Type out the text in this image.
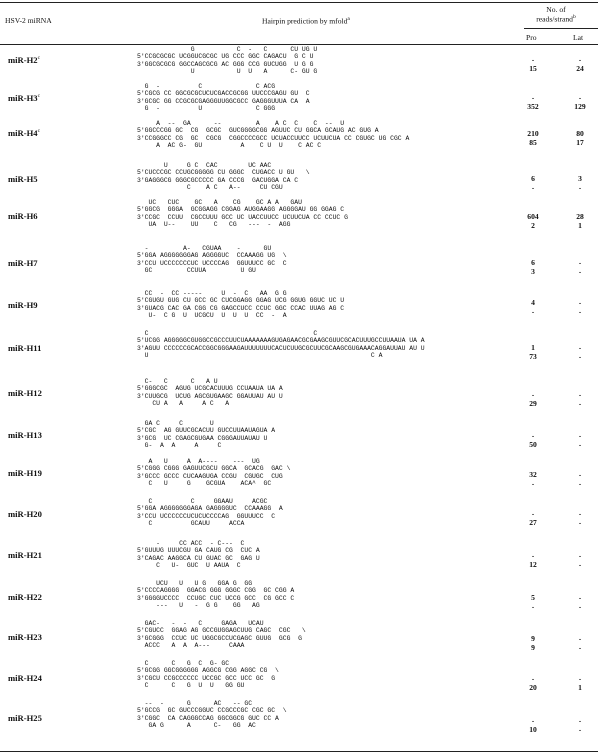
HSV-2 miRNA	Hairpin prediction by mfold$^a$
No. of
reads/strand$^b$
Pro	Lat
miR-H2$^c$
G           C  -   C      CU UG U
5'CCGCGCGC UCGGUCGCGC UG CCC GGC CAGACU  G C U
3'GGCGCGCG GGCCAGCGCG AC GGG CCG GUCUGG  U G G
U           U  U   A      C- GU G
-
15
-
24
miR-H3$^c$
G  -          C              C ACG
5'CGCG CC GGCGCGCUCUCGACCGCGG UUCCCGAGU GU  C
3'GCGC GG CCGCGCGAGGGUUGGCGCC GAGGGUUUA CA  A
G  -          U              C GGG
-
352
-
129
miR-H4$^c$
A  --  GA      --         A    A C  C    C  --  U
5'GGCCCGG GC  CG  GCGC  GUCGGGGCGG AGUUC CU GGCA GCAUG AC GUG A
3'CCGGGCC CG  GC  CGCG  CGGCCCCGCC UCUACCUUCC UCUUCUA CC CGUGC UG CGC A
A  AC G-  GU          A    C U  U    C AC C
210
85
80
17
miR-H5
U     G C  CAC        UC AAC
5'CUCCCGC CCUGCGGGGG CU GGGC  CUGACC U GU   \
3'GAGGGCG GGGCGCCCCC GA CCCG  GACUGGA CA C
C    A C   A--     CU CGU
6
-
3
-
miR-H6
UC   CUC    GC   A    CG    GC A A   GAU
5'GGCG  GGGA  GCGGAGG CGGAG AUGGAAGG AGGGGAU GG GGAG C
3'CCGC  CCUU  CGCCUUU GCC UC UACCUUCC UCUUCUA CC CCUC G
UA  U--    UU    C   CG   ---  -  AGG
604
2
28
1
miR-H7
-         A-   CGUAA    -      GU
5'GGA AGGGGGGGAG AGGGGUC  CCAAAGG UG  \
3'CCU UCCCCCCCUC UCCCCAG  GGUUUCC GC  C
GC         CCUUA         U GU
6
3
-
-
miR-H9
CC  -  CC -----     U  -  C   AA  G G
5'CGUGU GUG CU GCC GC CUCGGAGG GGAG UCG GGUG GGUC UC U
3'GUACG CAC GA CGG CG GAGCCUCC CCUC GGC CCAC UUAG AG C
U-  C G  U  UCGCU  U  U  U  CC  -  A
4
-
-
-
miR-H11
C                                           C
5'UCGG AGGGGGCGUGGCCGCCCUUCUAAAAAAAGUGAGAACGCGAAGCGUUCGCACUUUGCCUUAAUA UA A
3'AGUU CCCCCCGCACCGGCGGGAAGAUUUUUUUCACUCUUGCGCUUCGCAAGCGUGAAACAGGAUUAU AU U
U                                                          C A
1
73
-
-
miR-H12
C-   C      C   A U
5'GGGCGC  AGUG UCGCACUUUG CCUAAUA UA A
3'CUUGCG  UCUG AGCGUGAAGC GGAUUAU AU U
CU A   A     A C   A
-
29
-
-
miR-H13
GA C     C       U
5'CGC  AG GUUCGCACUU GUCCUUAAUAGUA A
3'GCG  UC CGAGCGUGAA CGGGAUUAUAU U
G-  A  A     A     C
-
50
-
-
miR-H19
A   U     A  A----    ---  UG
5'CGGG CGGG GAGUUCGCU GGCA  GCACG  GAC \
3'GCCC GCCC CUCAAGUGA CCGU  CGUGC  CUG
C   U     G    GCGUA    ACA^  GC
32
-
-
-
miR-H20
C          C     GGAAU     ACGC
5'GGA AGGGGGGGAGA GAGGGGUC  CCAAAGG  A
3'CCU UCCCCCCUCUCUCCCCAG  GGUUUCC  C
C          GCAUU     ACCA
-
27
-
-
miR-H21
-     CC ACC  - C---  C
5'GUUUG UUUCGU GA CAUG CG  CUC A
3'CAGAC AAGGCA CU GUAC GC  GAG U
C   U-  GUC  U AAUA  C
-
12
-
-
miR-H22
UCU   U   U G   GGA G  GG
5'CCCCAGGGG  GGACG GGG GGGC CGG  GC CGG A
3'GGGGUCCCC  CCUGC CUC UCCG GCC  CG GCC C
---   U   -  G G    GG   AG
5
-
-
-
miR-H23
GAC-   -  -   C     GAGA   UCAU
5'CGUCC  GGAG AG GCCGUGGAGCUUG CAGC  CGC   \
3'GCGGG  CCUC UC UGGCGCCUCGAGC GUUG  GCG  G
ACCC   A  A  A---     CAAA
9
9
-
-
miR-H24
C      C   G  C  G- GC
5'GCGG GGCGGGGGG AGGCG CGG AGGC CG  \
3'CGCU CCGCCCCCC UCCGC GCC UCC GC  G
C      C   G  U  U   GG GU
-
20
-
1
miR-H25
--  -      G      AC   -- GC
5'GCCG  GC GUCCCGGUC CCGCCCGC CGC GC  \
3'CGGC  CA CAGGGCCAG GGCGGCG GUC CC A
GA G      A      C-   GG  AC
-
10
-
-
